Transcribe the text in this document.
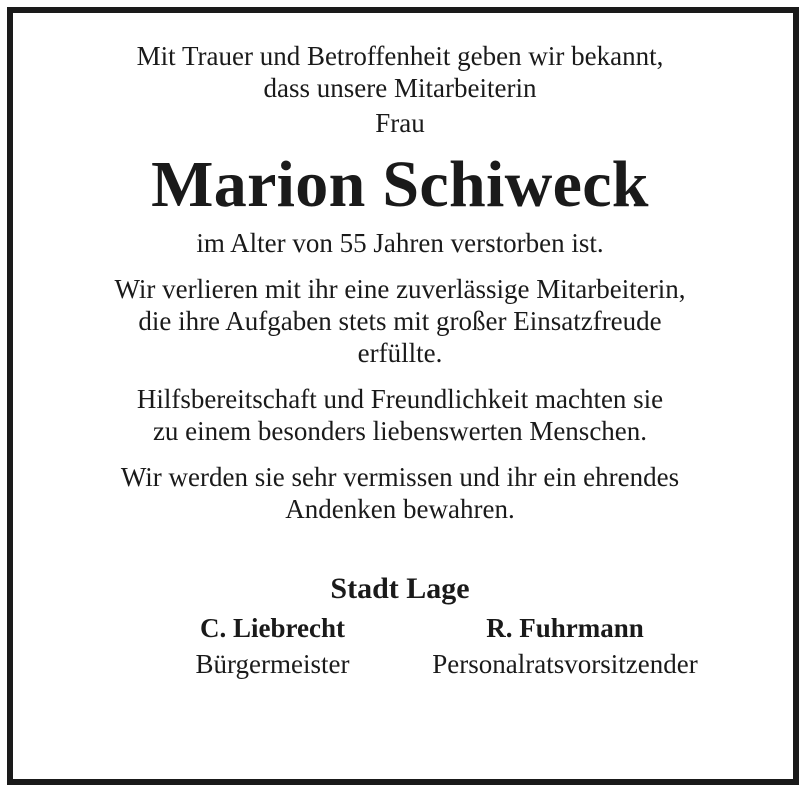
Mit Trauer und Betroffenheit geben wir bekannt,
dass unsere Mitarbeiterin
Frau
Marion Schiweck
im Alter von 55 Jahren verstorben ist.
Wir verlieren mit ihr eine zuverlässige Mitarbeiterin,
die ihre Aufgaben stets mit großer Einsatzfreude
erfüllte.
Hilfsbereitschaft und Freundlichkeit machten sie
zu einem besonders liebenswerten Menschen.
Wir werden sie sehr vermissen und ihr ein ehrendes
Andenken bewahren.
Stadt Lage
C. Liebrecht
Bürgermeister
R. Fuhrmann
Personalratsvorsitzender
